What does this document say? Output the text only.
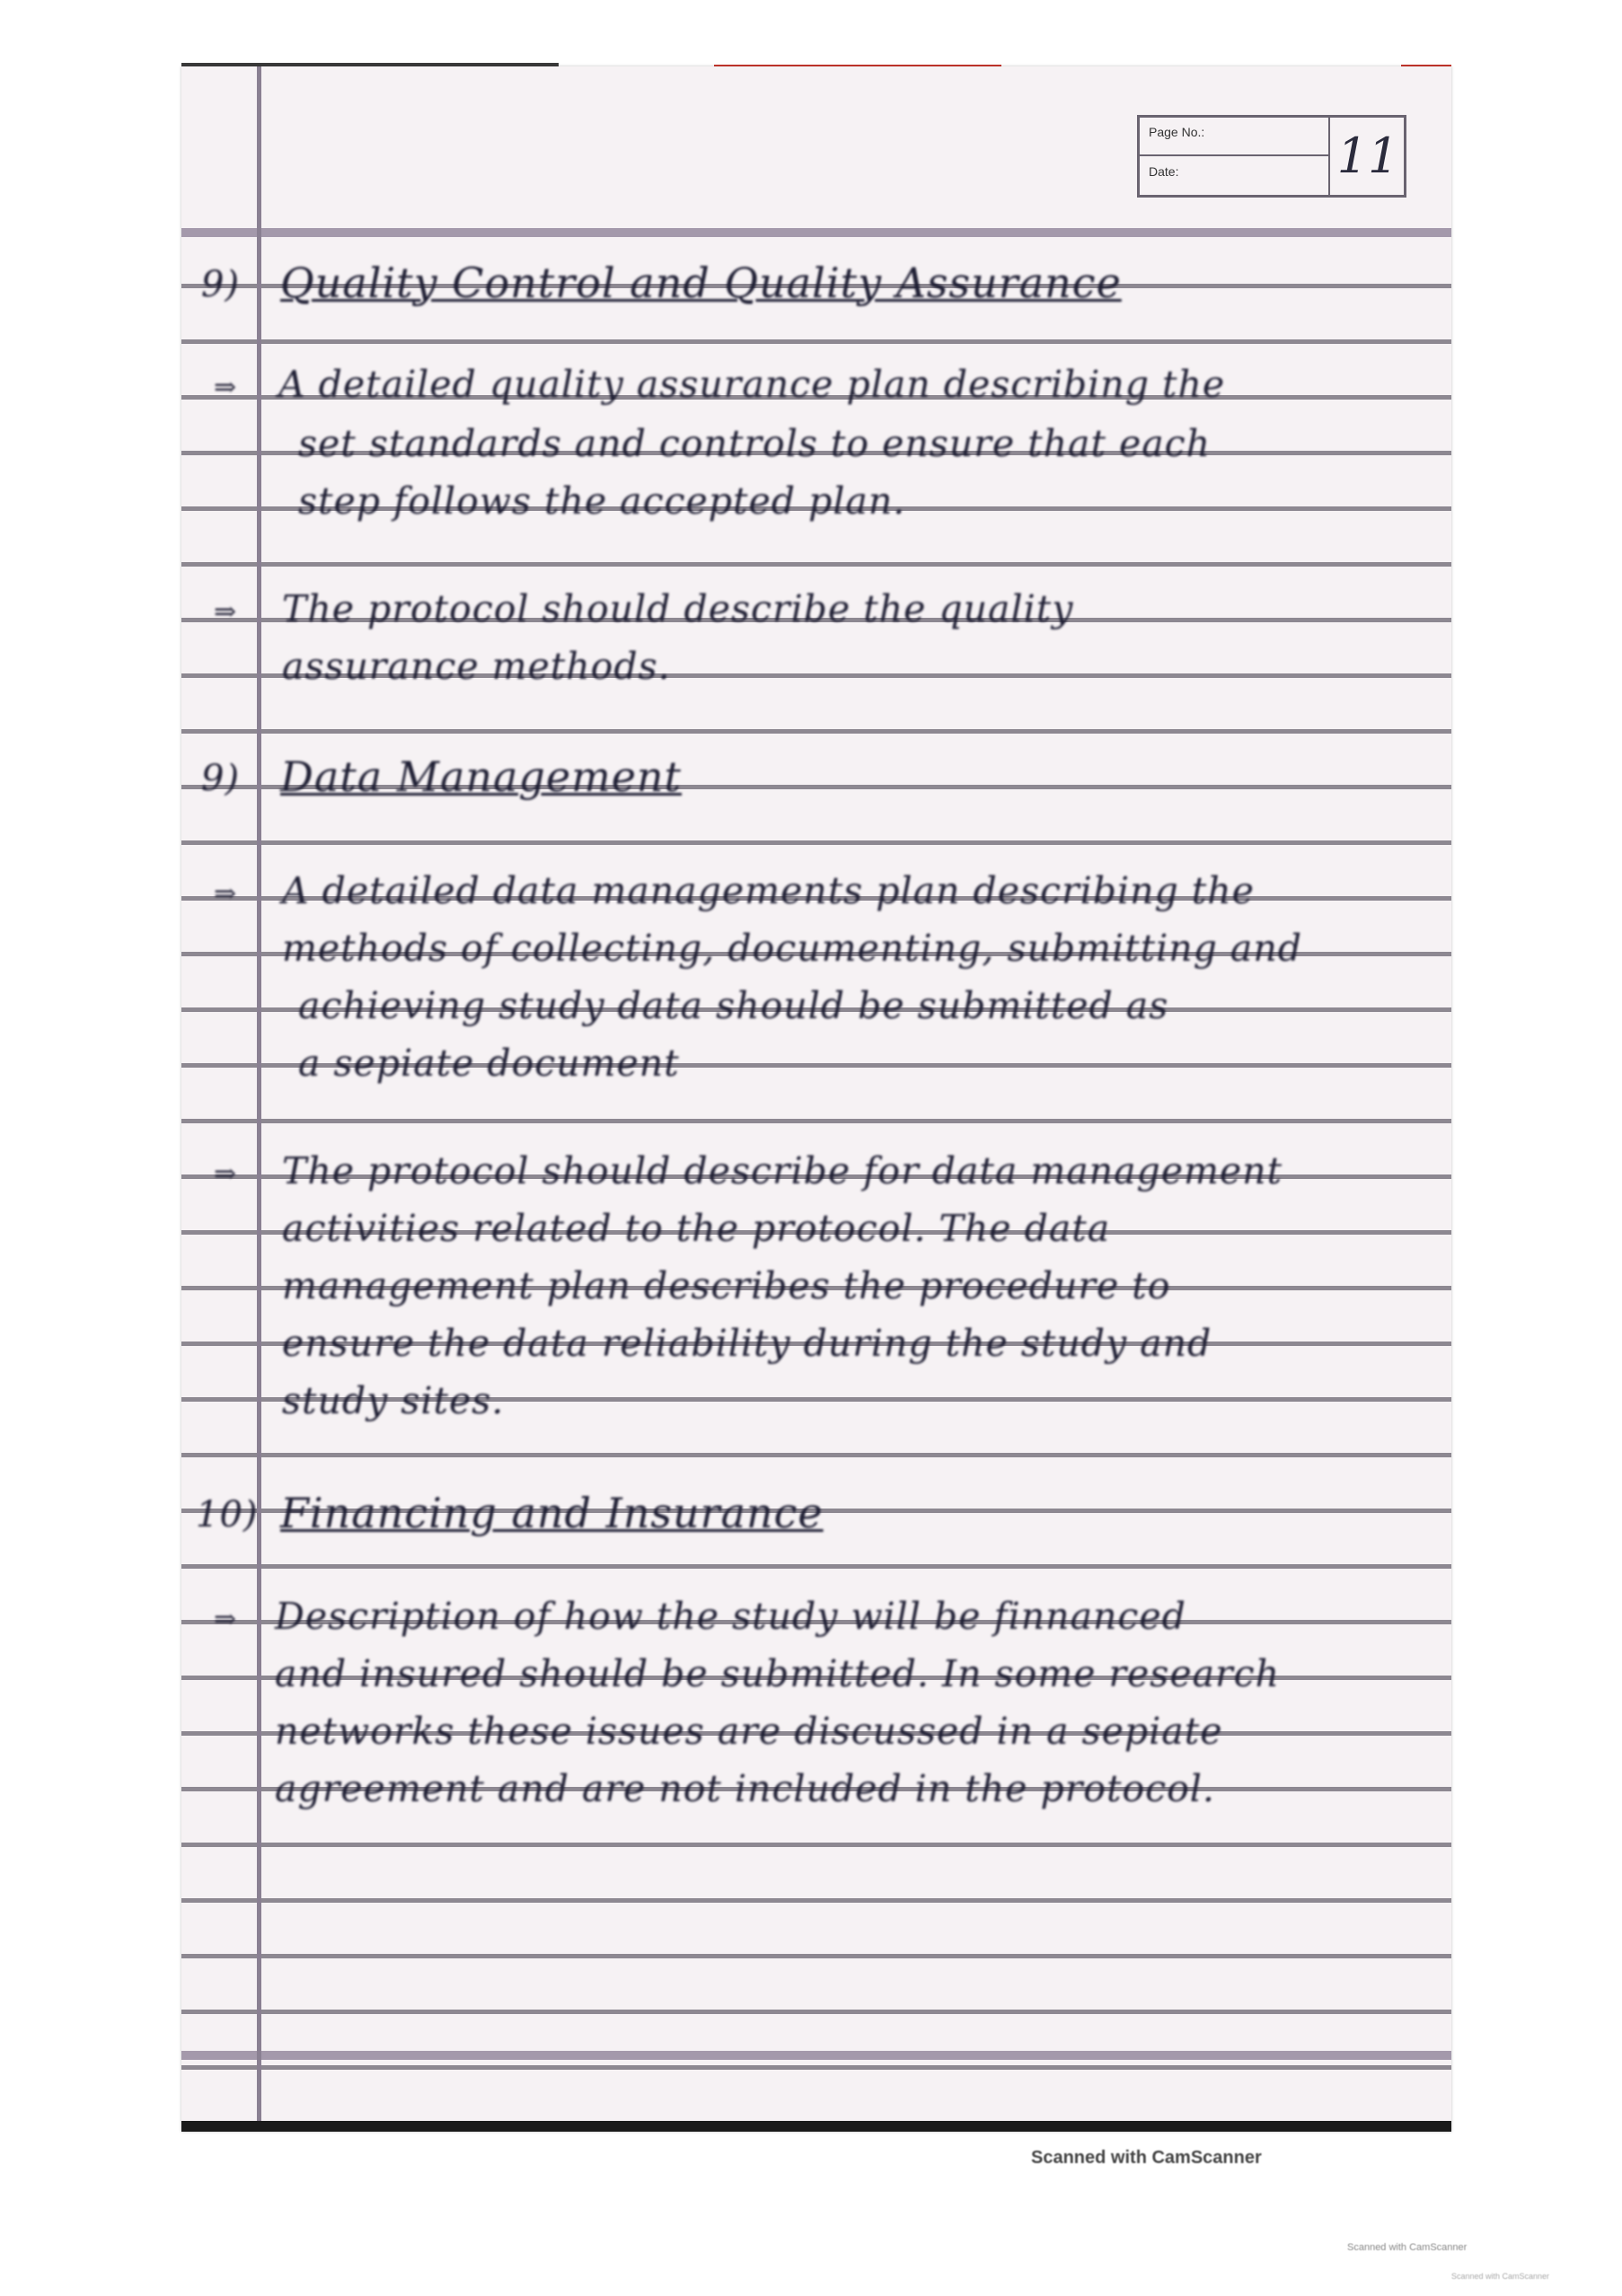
Page No.:
Date:	11
9) Quality Control and Quality Assurance
⇒ A detailed quality assurance plan describing the
set standards and controls to ensure that each
step follows the accepted plan.
⇒ The protocol should describe the quality
assurance methods.
9) Data Management
⇒ A detailed data managements plan describing the
methods of collecting, documenting, submitting and
achieving study data should be submitted as
a sepiate document
⇒ The protocol should describe for data management
activities related to the protocol. The data
management plan describes the procedure to
ensure the data reliability during the study and
study sites.
10) Financing and Insurance
⇒ Description of how the study will be finnanced
and insured should be submitted. In some research
networks these issues are discussed in a sepiate
agreement and are not included in the protocol.
Scanned with CamScanner
Scanned with CamScanner
Scanned with CamScanner
